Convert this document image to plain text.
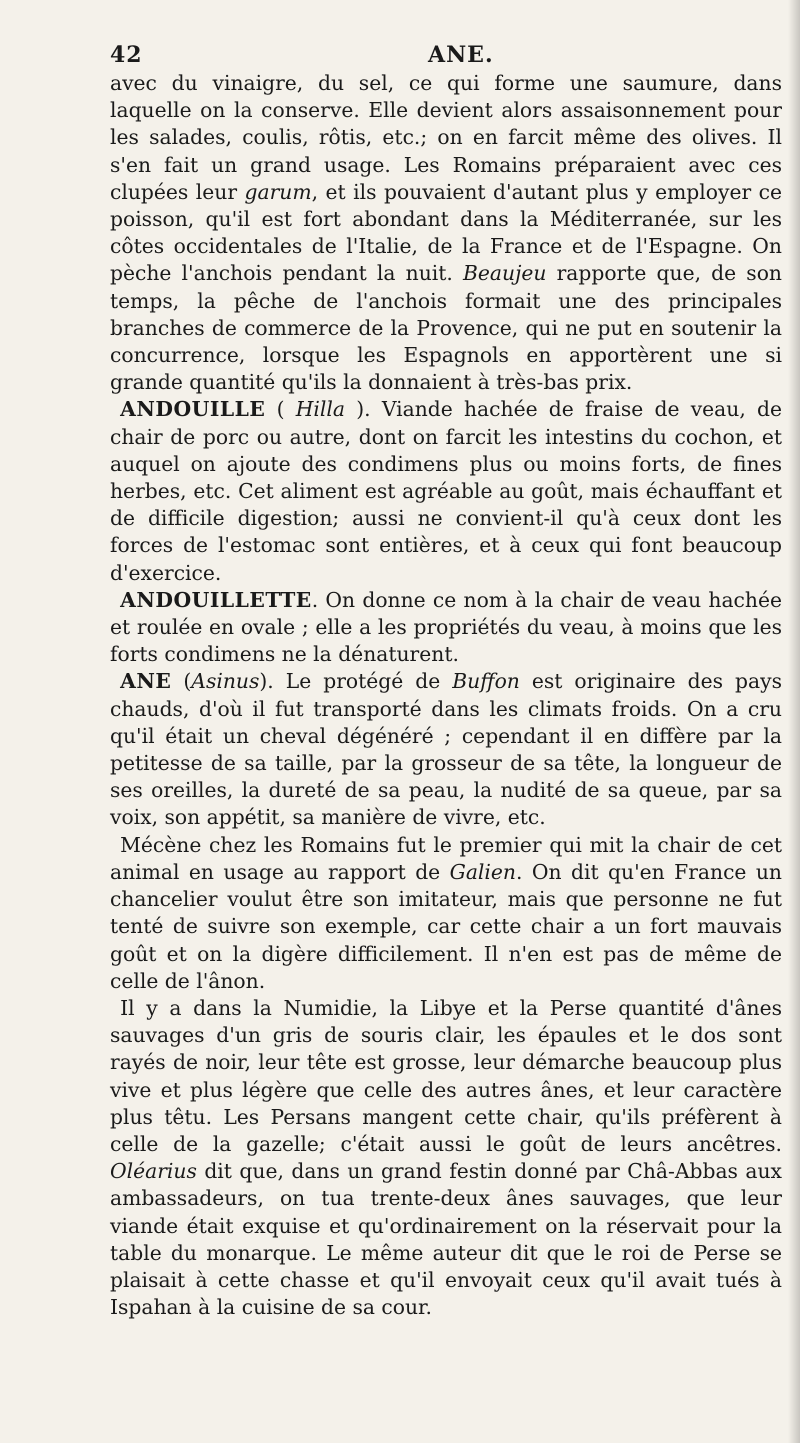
42	ANE.

avec du vinaigre, du sel, ce qui forme une saumure, dans laquelle on la conserve. Elle devient alors assaisonnement pour les salades, coulis, rôtis, etc.; on en farcit même des olives. Il s'en fait un grand usage. Les Romains préparaient avec ces clupées leur garum, et ils pouvaient d'autant plus y employer ce poisson, qu'il est fort abondant dans la Méditerranée, sur les côtes occidentales de l'Italie, de la France et de l'Espagne. On pèche l'anchois pendant la nuit. Beaujeu rapporte que, de son temps, la pêche de l'anchois formait une des principales branches de commerce de la Provence, qui ne put en soutenir la concurrence, lorsque les Espagnols en apportèrent une si grande quantité qu'ils la donnaient à très-bas prix.

ANDOUILLE ( Hilla ). Viande hachée de fraise de veau, de chair de porc ou autre, dont on farcit les intestins du cochon, et auquel on ajoute des condimens plus ou moins forts, de fines herbes, etc. Cet aliment est agréable au goût, mais échauffant et de difficile digestion; aussi ne convient-il qu'à ceux dont les forces de l'estomac sont entières, et à ceux qui font beaucoup d'exercice.

ANDOUILLETTE. On donne ce nom à la chair de veau hachée et roulée en ovale ; elle a les propriétés du veau, à moins que les forts condimens ne la dénaturent.

ANE (Asinus). Le protégé de Buffon est originaire des pays chauds, d'où il fut transporté dans les climats froids. On a cru qu'il était un cheval dégénéré ; cependant il en diffère par la petitesse de sa taille, par la grosseur de sa tête, la longueur de ses oreilles, la dureté de sa peau, la nudité de sa queue, par sa voix, son appétit, sa manière de vivre, etc.

Mécène chez les Romains fut le premier qui mit la chair de cet animal en usage au rapport de Galien. On dit qu'en France un chancelier voulut être son imitateur, mais que personne ne fut tenté de suivre son exemple, car cette chair a un fort mauvais goût et on la digère difficilement. Il n'en est pas de même de celle de l'ânon.

Il y a dans la Numidie, la Libye et la Perse quantité d'ânes sauvages d'un gris de souris clair, les épaules et le dos sont rayés de noir, leur tête est grosse, leur démarche beaucoup plus vive et plus légère que celle des autres ânes, et leur caractère plus têtu. Les Persans mangent cette chair, qu'ils préfèrent à celle de la gazelle; c'était aussi le goût de leurs ancêtres. Oléarius dit que, dans un grand festin donné par Châ-Abbas aux ambassadeurs, on tua trente-deux ânes sauvages, que leur viande était exquise et qu'ordinairement on la réservait pour la table du monarque. Le même auteur dit que le roi de Perse se plaisait à cette chasse et qu'il envoyait ceux qu'il avait tués à Ispahan à la cuisine de sa cour.
